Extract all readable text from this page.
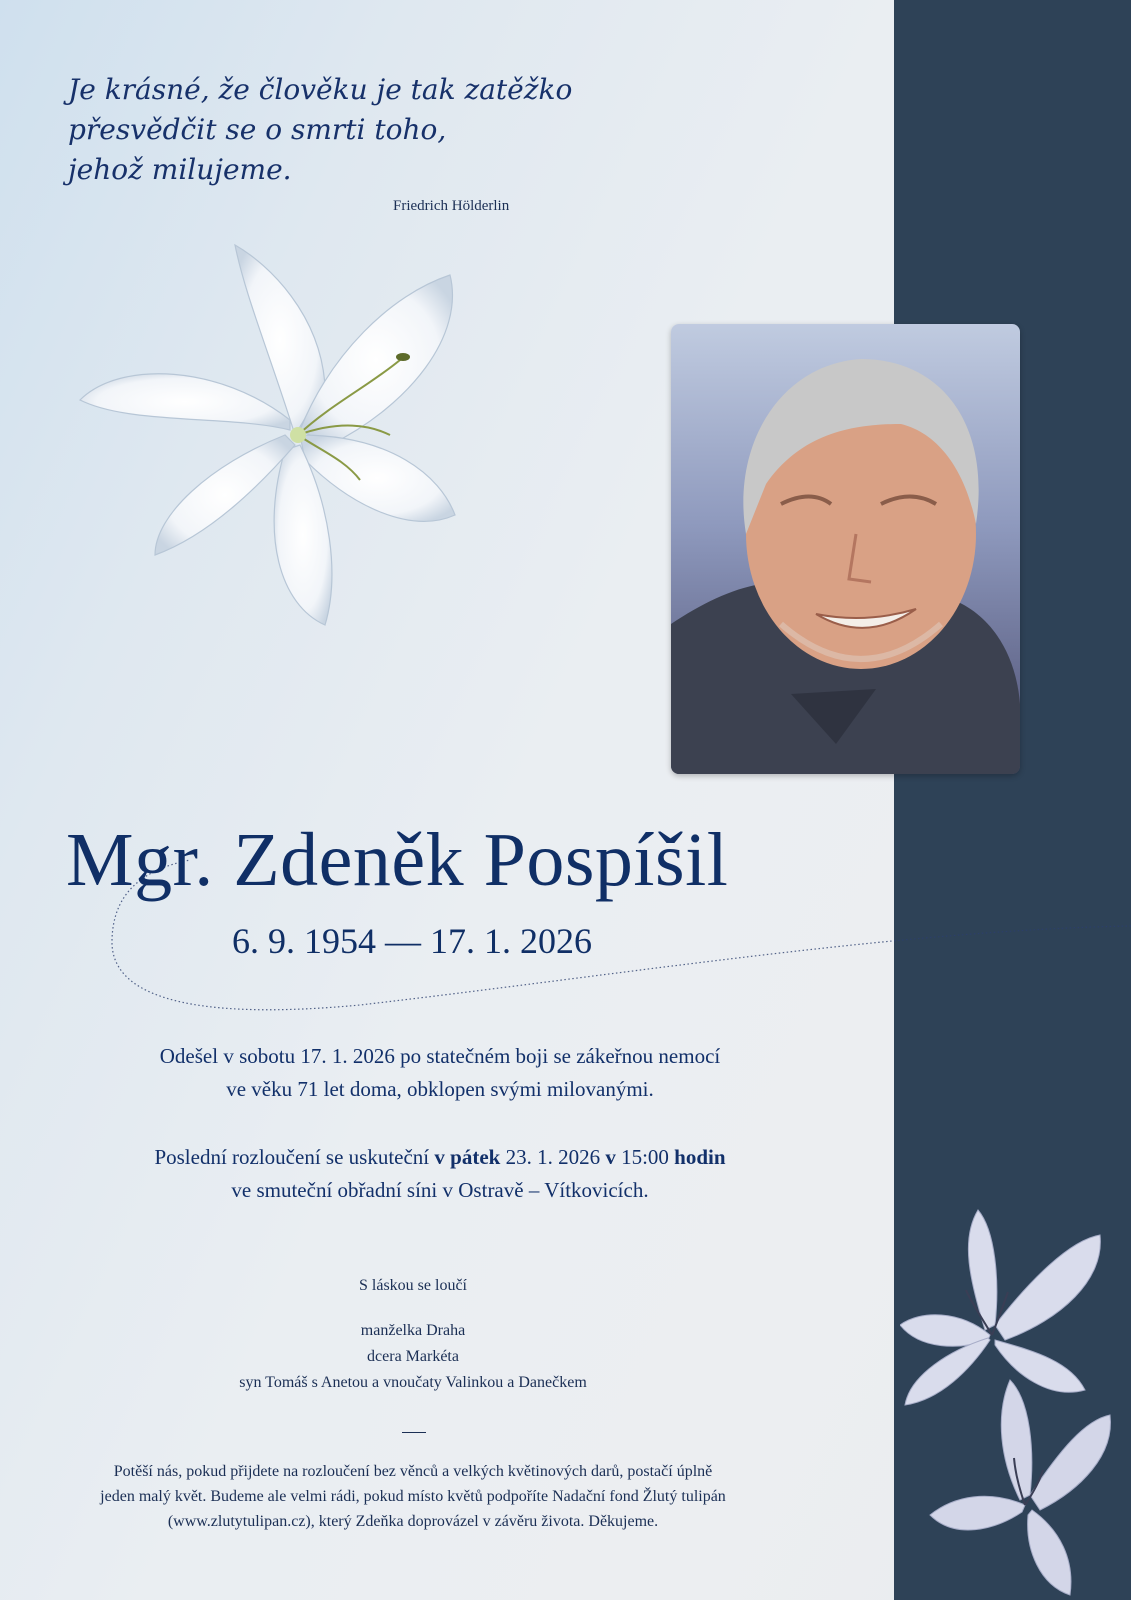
Je krásné, že člověku je tak zatěžko
přesvědčit se o smrti toho,
jehož milujeme.
Friedrich Hölderlin
Mgr. Zdeněk Pospíšil
6. 9. 1954 — 17. 1. 2026
Odešel v sobotu 17. 1. 2026 po statečném boji se zákeřnou nemocí
ve věku 71 let doma, obklopen svými milovanými.
Poslední rozloučení se uskuteční v pátek 23. 1. 2026 v 15:00 hodin
ve smuteční obřadní síni v Ostravě – Vítkovicích.
S láskou se loučí
manželka Draha
dcera Markéta
syn Tomáš s Anetou a vnoučaty Valinkou a Danečkem
Potěší nás, pokud přijdete na rozloučení bez věnců a velkých květinových darů, postačí úplně
jeden malý květ. Budeme ale velmi rádi, pokud místo květů podpoříte Nadační fond Žlutý tulipán
(www.zlutytulipan.cz), který Zdeňka doprovázel v závěru života. Děkujeme.
